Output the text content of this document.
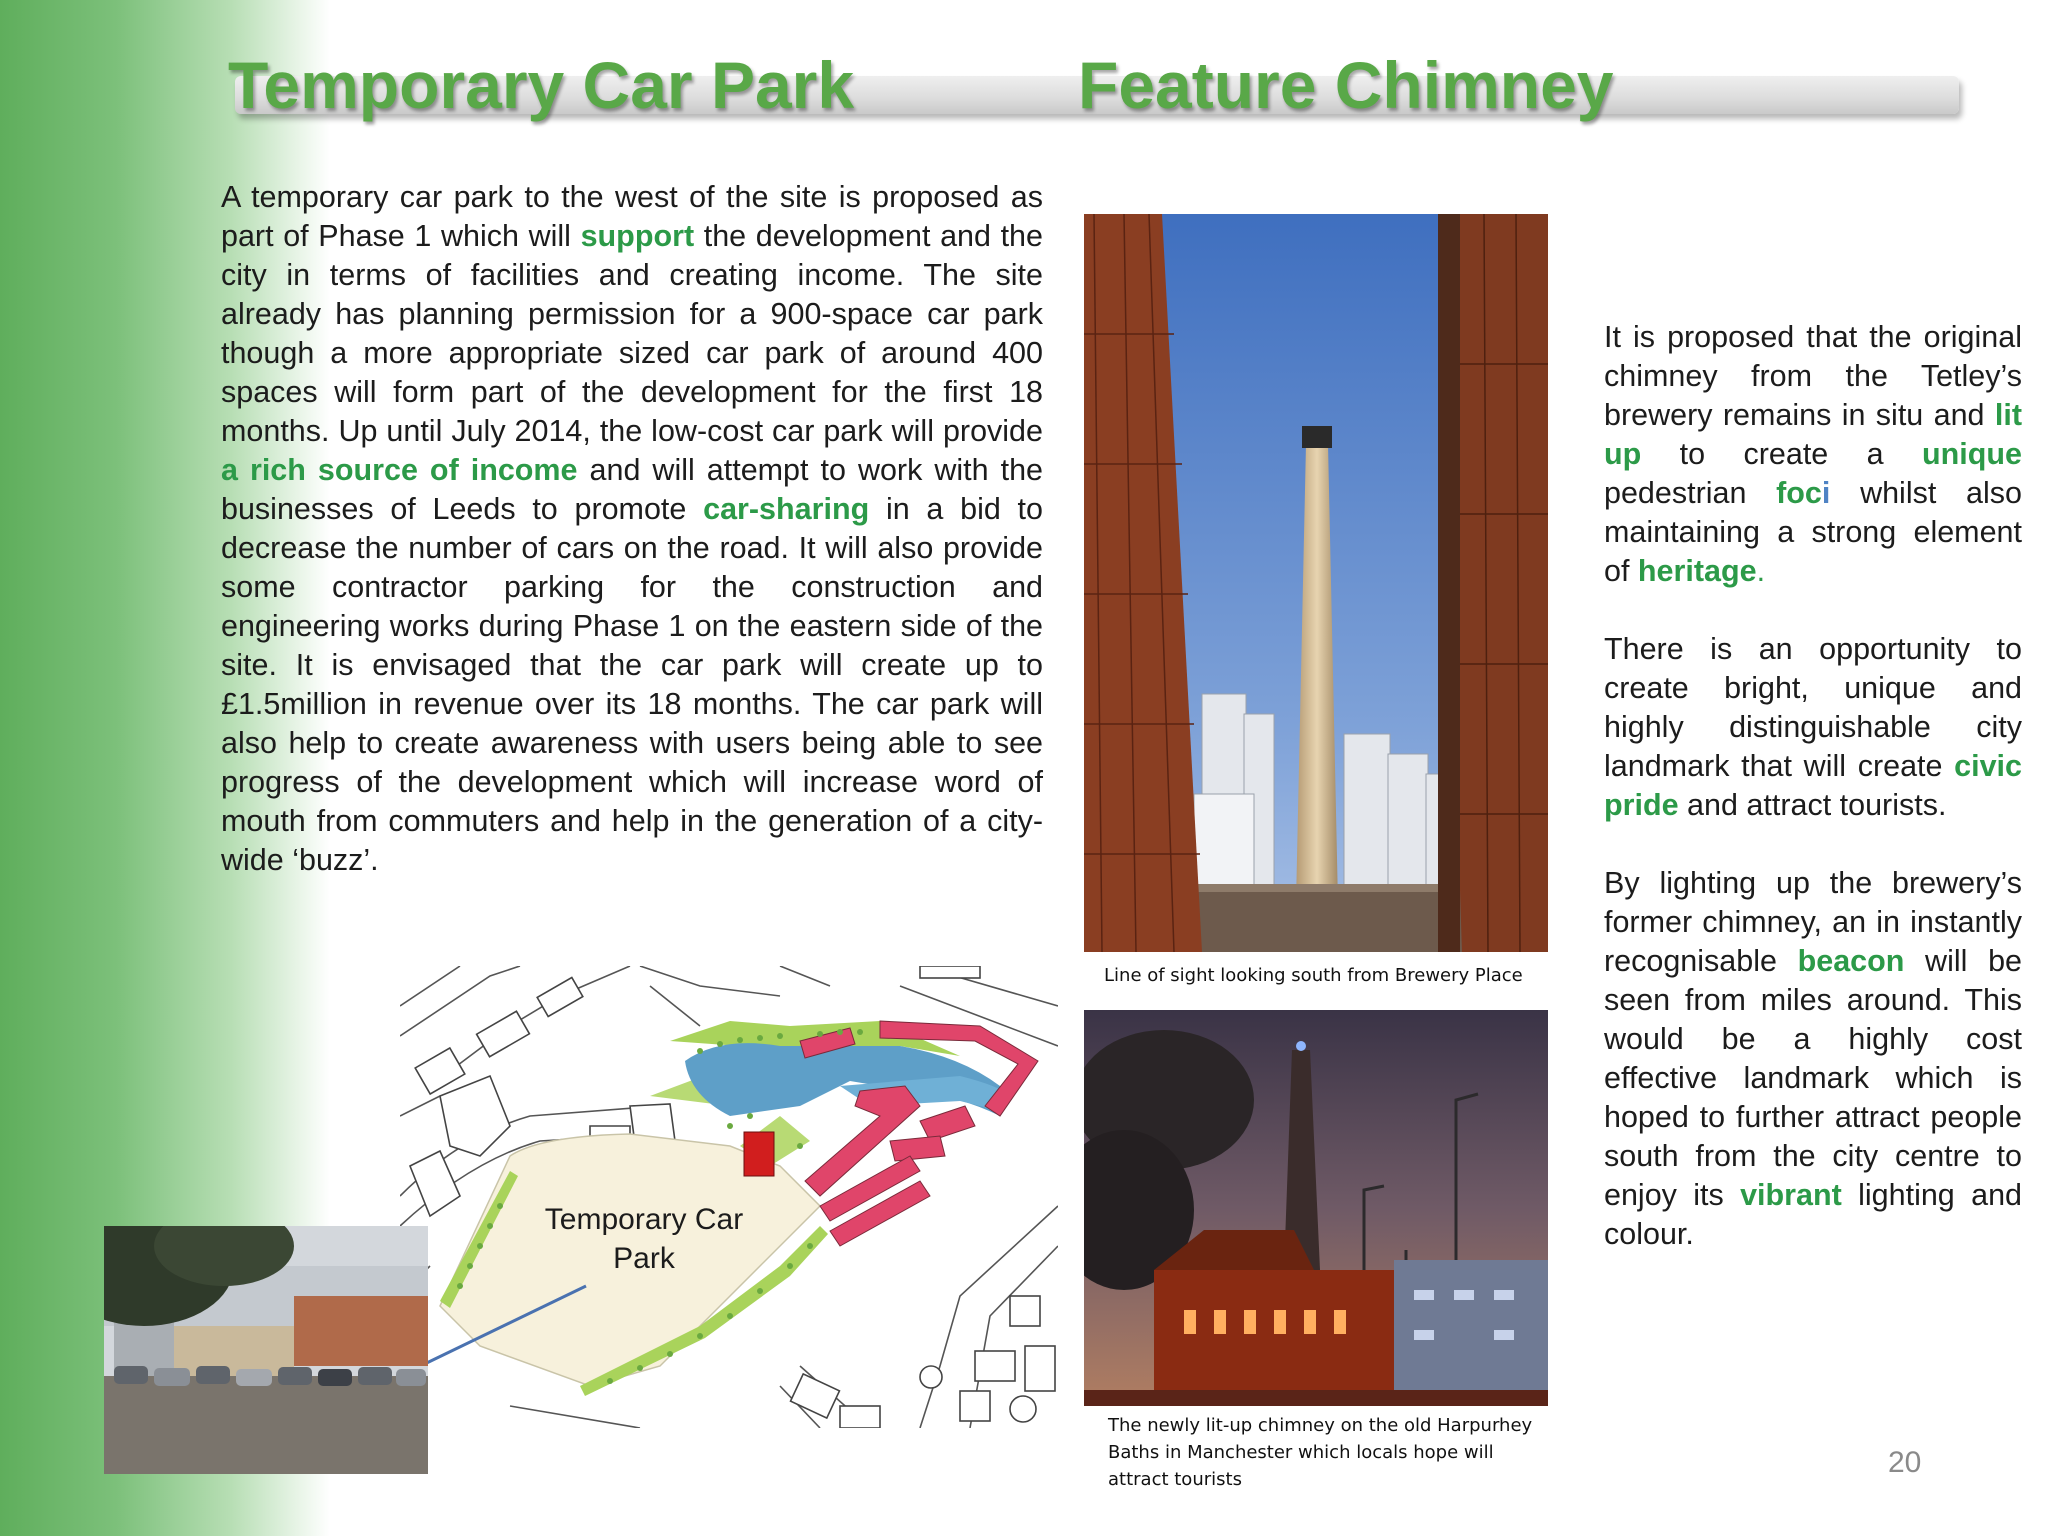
Temporary Car Park	Feature Chimney

A temporary car park to the west of the site is proposed as part of Phase 1 which will support the development and the city in terms of facilities and creating income. The site already has planning permission for a 900-space car park though a more appropriate sized car park of around 400 spaces will form part of the development for the first 18 months. Up until July 2014, the low-cost car park will provide a rich source of income and will attempt to work with the businesses of Leeds to promote car-sharing in a bid to decrease the number of cars on the road. It will also provide some contractor parking for the construction and engineering works during Phase 1 on the eastern side of the site. It is envisaged that the car park will create up to £1.5million in revenue over its 18 months. The car park will also help to create awareness with users being able to see progress of the development which will increase word of mouth from commuters and help in the generation of a city-wide ‘buzz’.

It is proposed that the original chimney from the Tetley’s brewery remains in situ and lit up to create a unique pedestrian foci whilst also maintaining a strong element of heritage.

There is an opportunity to create bright, unique and highly distinguishable city landmark that will create civic pride and attract tourists.

By lighting up the brewery’s former chimney, an in instantly recognisable beacon will be seen from miles around. This would be a highly cost effective landmark which is hoped to further attract people south from the city centre to enjoy its vibrant lighting and colour.

Temporary Car Park

Line of sight looking south from Brewery Place

The newly lit-up chimney on the old Harpurhey Baths in Manchester which locals hope will attract tourists

20
